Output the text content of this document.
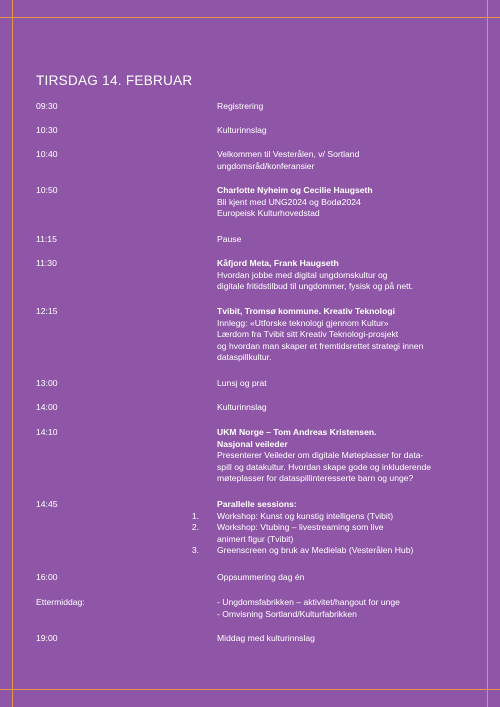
TIRSDAG 14. FEBRUAR
09:30	Registrering
10:30	Kulturinnslag
10:40	Velkommen til Vesterålen, v/ Sortland
ungdomsråd/konferansier
10:50	Charlotte Nyheim og Cecilie Haugseth
Bli kjent med UNG2024 og Bodø2024
Europeisk Kulturhovedstad
11:15	Pause
11:30	Kåfjord Meta, Frank Haugseth
Hvordan jobbe med digital ungdomskultur og
digitale fritidstilbud til ungdommer, fysisk og på nett.
12:15	Tvibit, Tromsø kommune. Kreativ Teknologi
Innlegg: «Utforske teknologi gjennom Kultur»
Lærdom fra Tvibit sitt Kreativ Teknologi-prosjekt
og hvordan man skaper et fremtidsrettet strategi innen
dataspillkultur.
13:00	Lunsj og prat
14:00	Kulturinnslag
14:10	UKM Norge – Tom Andreas Kristensen.
Nasjonal veileder
Presenterer Veileder om digitale Møteplasser for data-
spill og datakultur. Hvordan skape gode og inkluderende
møteplasser for dataspillinteresserte barn og unge?
14:45	Parallelle sessions:
1. Workshop: Kunst og kunstig intelligens (Tvibit)
2. Workshop: Vtubing – livestreaming som live
animert figur (Tvibit)
3. Greenscreen og bruk av Medielab (Vesterålen Hub)
16:00	Oppsummering dag én
Ettermiddag:	- Ungdomsfabrikken – aktivitet/hangout for unge
- Omvisning Sortland/Kulturfabrikken
19:00	Middag med kulturinnslag
